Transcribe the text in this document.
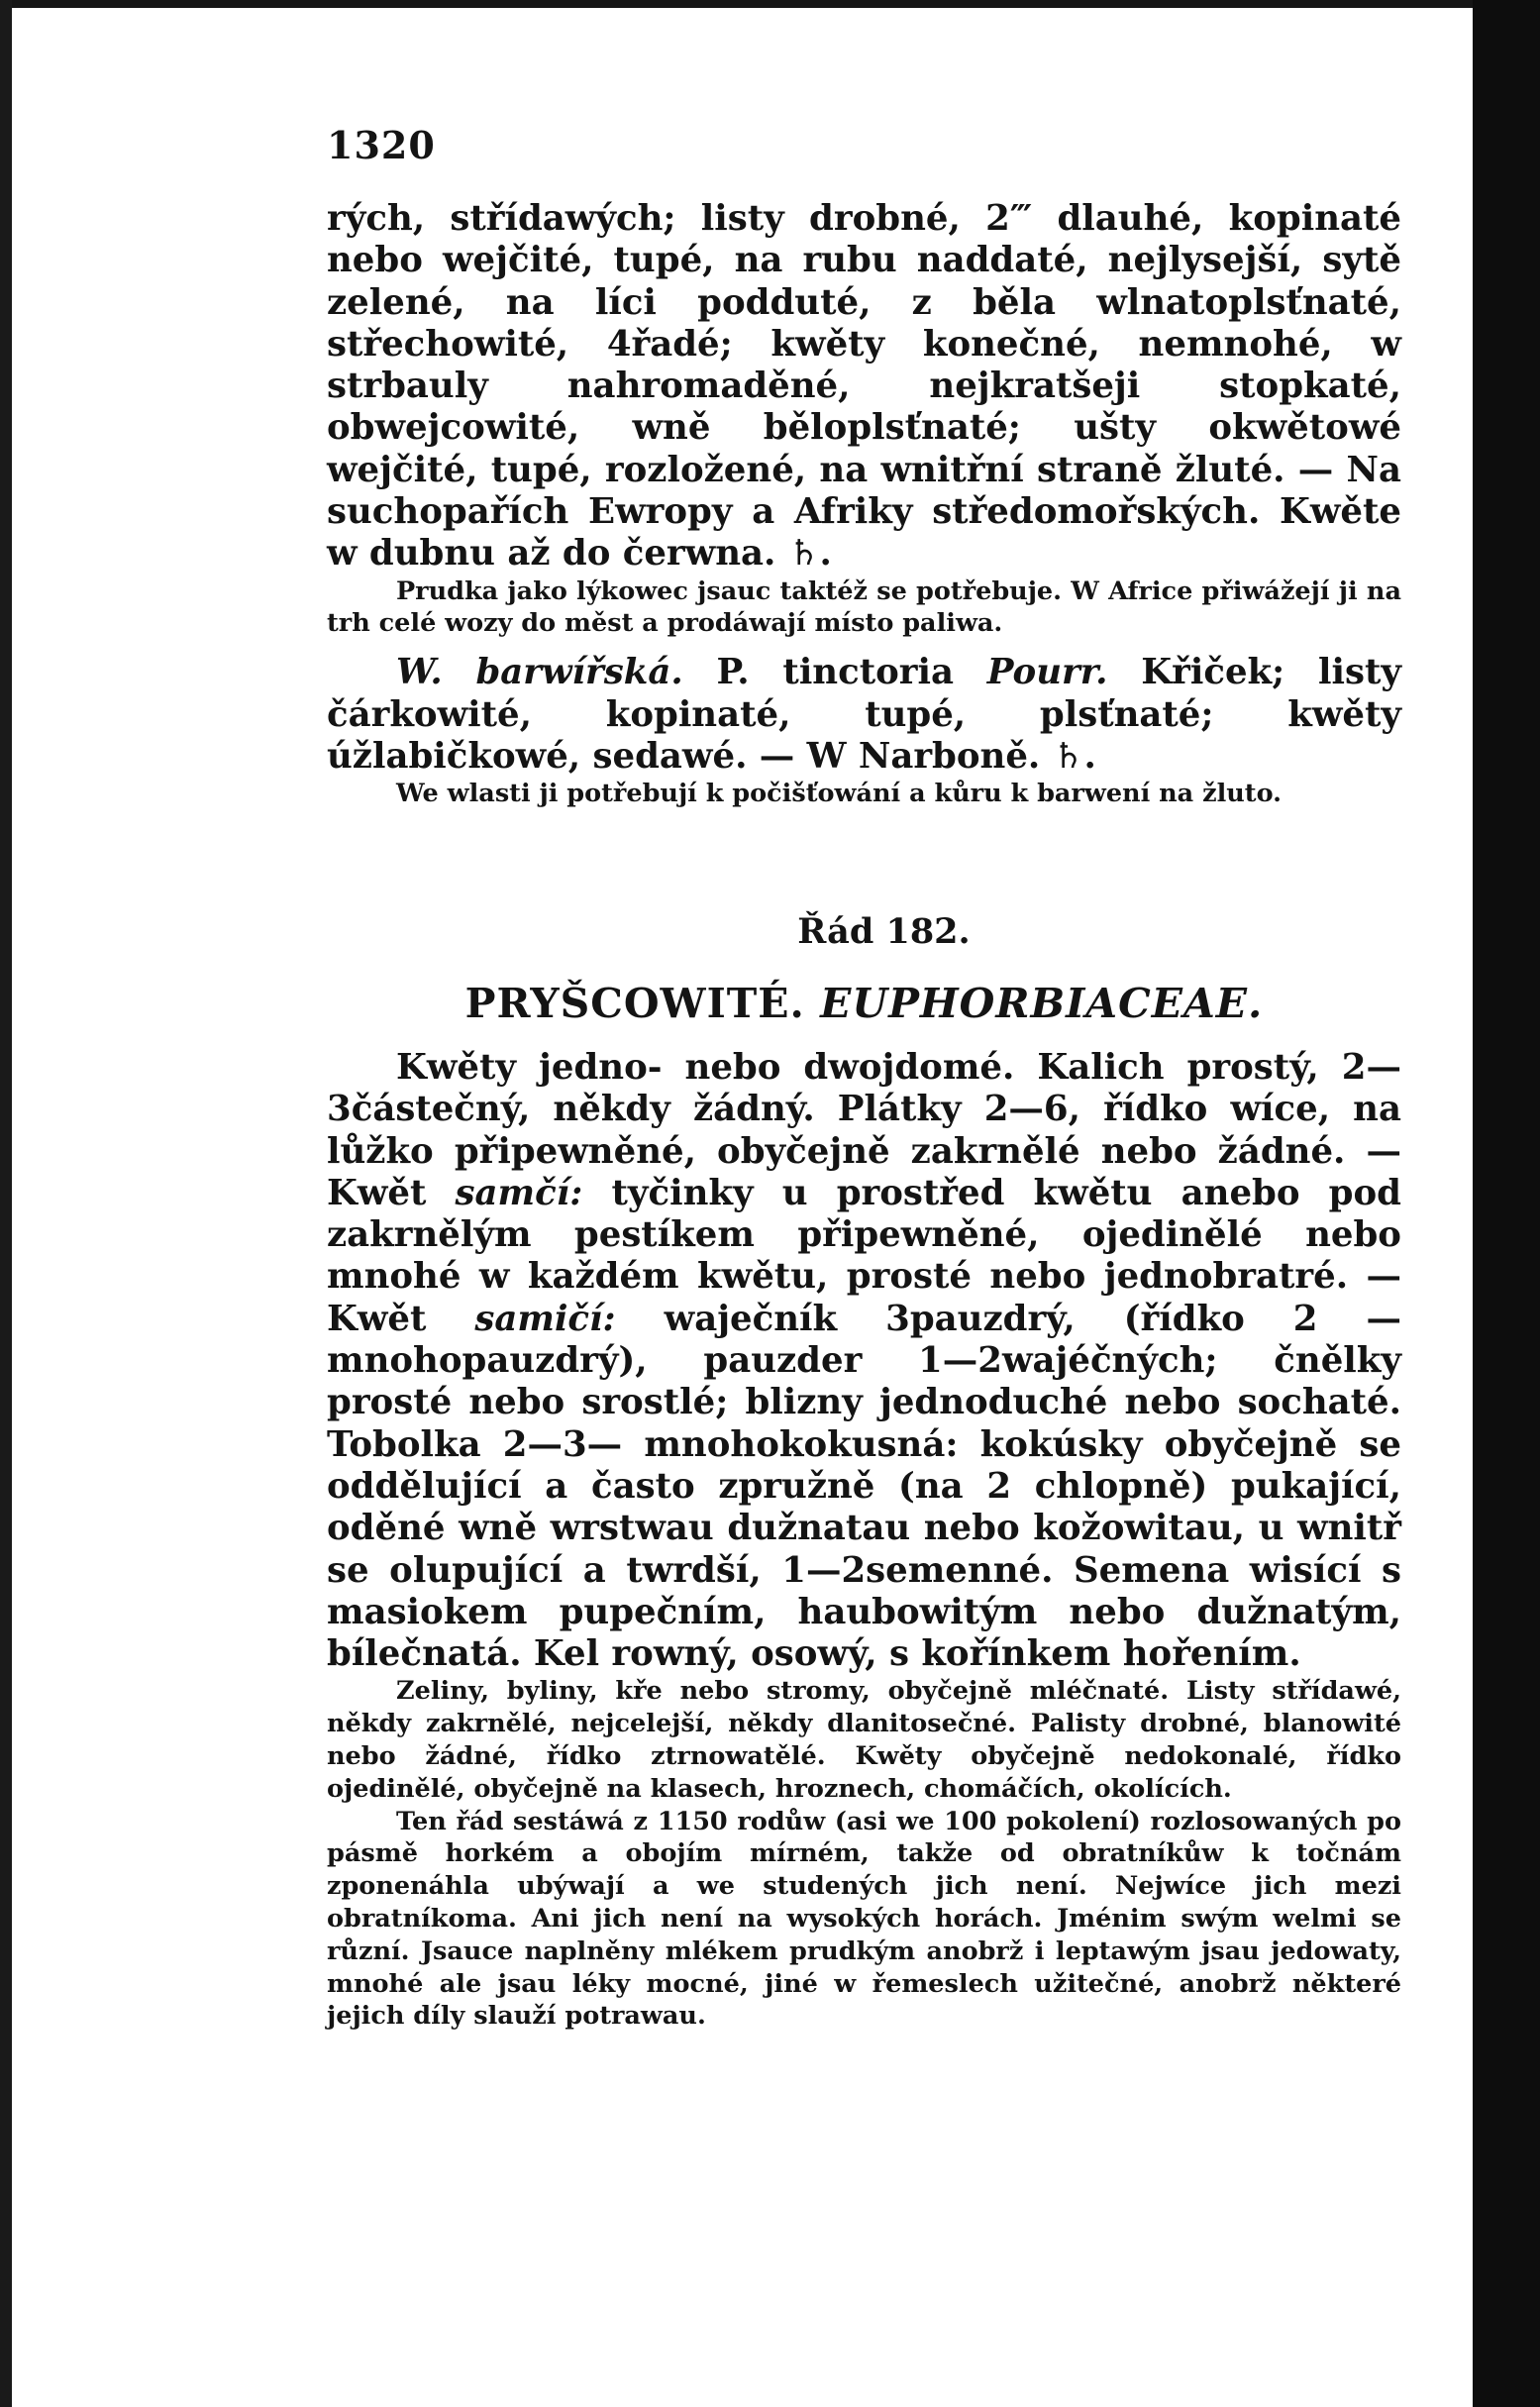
1320

rých, střídawých; listy drobné, 2‴ dlauhé, kopinaté nebo wejčité, tupé, na rubu naddaté, nejlysejší, sytě zelené, na líci podduté, z běla wlnatoplsťnaté, střechowité, 4řadé; kwěty konečné, nemnohé, w strbauly nahromaděné, nejkratšeji stopkaté, obwejcowité, wně běloplsťnaté; ušty okwětowé wejčité, tupé, rozložené, na wnitřní straně žluté. — Na suchopařích Ewropy a Afriky středomořských. Kwěte w dubnu až do čerwna. ♄.

Prudka jako lýkowec jsauc taktéž se potřebuje. W Africe přiwážejí ji na trh celé wozy do měst a prodáwají místo paliwa.

W. barwířská. P. tinctoria Pourr. Křiček; listy čárkowité, kopinaté, tupé, plsťnaté; kwěty úžlabičkowé, sedawé. — W Narboně. ♄.

We wlasti ji potřebují k počišťowání a kůru k barwení na žluto.

Řád 182.

PRYŠCOWITÉ. EUPHORBIACEAE.

Kwěty jedno- nebo dwojdomé. Kalich prostý, 2—3částečný, někdy žádný. Plátky 2—6, řídko wíce, na lůžko připewněné, obyčejně zakrnělé nebo žádné. — Kwět samčí: tyčinky u prostřed kwětu anebo pod zakrnělým pestíkem připewněné, ojedinělé nebo mnohé w každém kwětu, prosté nebo jednobratré. — Kwět samičí: waječník 3pauzdrý, (řídko 2 — mnohopauzdrý), pauzder 1—2wajéčných; čnělky prosté nebo srostlé; blizny jednoduché nebo sochaté. Tobolka 2—3— mnohokokusná: kokúsky obyčejně se oddělující a často zpružně (na 2 chlopně) pukající, oděné wně wrstwau dužnatau nebo kožowitau, u wnitř se olupující a twrdší, 1—2semenné. Semena wisící s masiokem pupečním, haubowitým nebo dužnatým, bílečnatá. Kel rowný, osowý, s kořínkem hořením.

Zeliny, byliny, kře nebo stromy, obyčejně mléčnaté. Listy střídawé, někdy zakrnělé, nejcelejší, někdy dlanitosečné. Palisty drobné, blanowité nebo žádné, řídko ztrnowatělé. Kwěty obyčejně nedokonalé, řídko ojedinělé, obyčejně na klasech, hroznech, chomáčích, okolících.

Ten řád sestáwá z 1150 rodůw (asi we 100 pokolení) rozlosowaných po pásmě horkém a obojím mírném, takže od obratníkůw k točnám zponenáhla ubýwají a we studených jich není. Nejwíce jich mezi obratníkoma. Ani jich není na wysokých horách. Jménim swým welmi se různí. Jsauce naplněny mlékem prudkým anobrž i leptawým jsau jedowaty, mnohé ale jsau léky mocné, jiné w řemeslech užitečné, anobrž některé jejich díly slauží potrawau.
